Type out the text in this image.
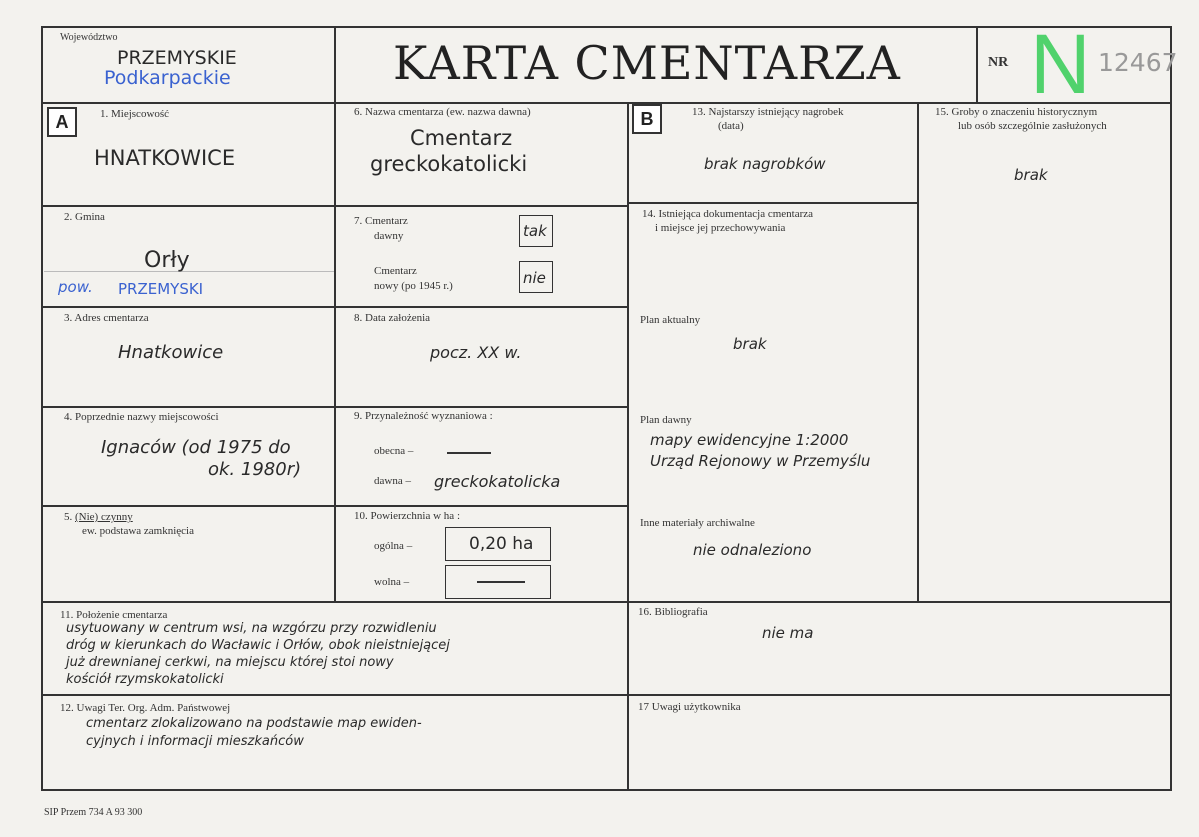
Województwo
PRZEMYSKIE
Podkarpackie	KARTA CMENTARZA	NR N 12467
A	1. Miejscowość
HNATKOWICE
2. Gmina
Orły
pow. PRZEMYSKI
3. Adres cmentarza
Hnatkowice
4. Poprzednie nazwy miejscowości
Ignaców (od 1975 do
ok. 1980r)
5. (Nie) czynny
ew. podstawa zamknięcia
6. Nazwa cmentarza (ew. nazwa dawna)
Cmentarz
greckokatolicki
7. Cmentarz
dawny	tak
Cmentarz
nowy (po 1945 r.)	nie
8. Data założenia
pocz. XX w.
9. Przynależność wyznaniowa :
obecna –
dawna – greckokatolicka
10. Powierzchnia w ha :
ogólna –	0,20 ha
wolna –
B	13. Najstarszy istniejący nagrobek
(data)
brak nagrobków
14. Istniejąca dokumentacja cmentarza
i miejsce jej przechowywania
Plan aktualny
brak
Plan dawny
mapy ewidencyjne 1:2000
Urząd Rejonowy w Przemyślu
Inne materiały archiwalne
nie odnaleziono
15. Groby o znaczeniu historycznym
lub osób szczególnie zasłużonych
brak
11. Położenie cmentarza
usytuowany w centrum wsi, na wzgórzu przy rozwidleniu
dróg w kierunkach do Wacławic i Orłów, obok nieistniejącej
już drewnianej cerkwi, na miejscu której stoi nowy
kościół rzymskokatolicki
12. Uwagi Ter. Org. Adm. Państwowej
cmentarz zlokalizowano na podstawie map ewiden-
cyjnych i informacji mieszkańców
16. Bibliografia
nie ma
17 Uwagi użytkownika
SIP Przem 734 A 93 300
